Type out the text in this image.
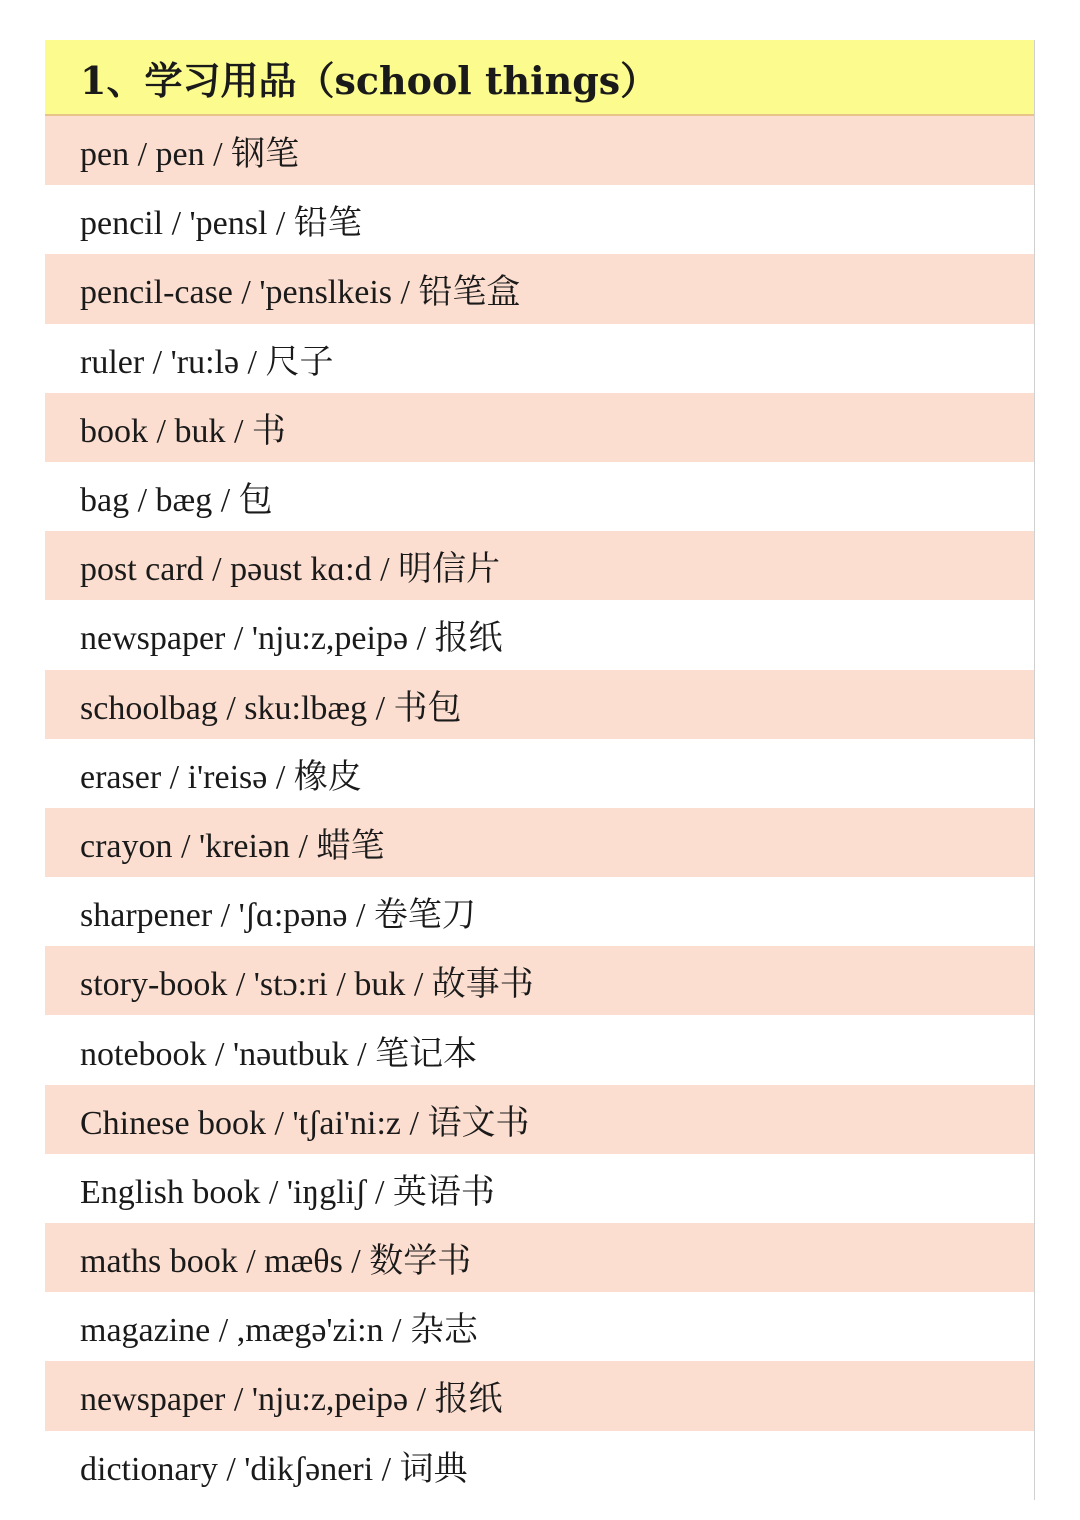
1、学习用品（school things）
pen / pen / 钢笔
pencil / 'pensl / 铅笔
pencil-case / 'penslkeis / 铅笔盒
ruler / 'ru:lə / 尺子
book / buk / 书
bag / bæg / 包
post card / pəust kɑ:d / 明信片
newspaper / 'nju:z,peipə / 报纸
schoolbag / sku:lbæg / 书包
eraser / i'reisə / 橡皮
crayon / 'kreiən / 蜡笔
sharpener / 'ʃɑ:pənə / 卷笔刀
story-book / 'stɔ:ri / buk / 故事书
notebook / 'nəutbuk / 笔记本
Chinese book / 'tʃai'ni:z / 语文书
English book / 'iŋgliʃ / 英语书
maths book / mæθs / 数学书
magazine / ,mægə'zi:n / 杂志
newspaper / 'nju:z,peipə / 报纸
dictionary / 'dikʃəneri / 词典
